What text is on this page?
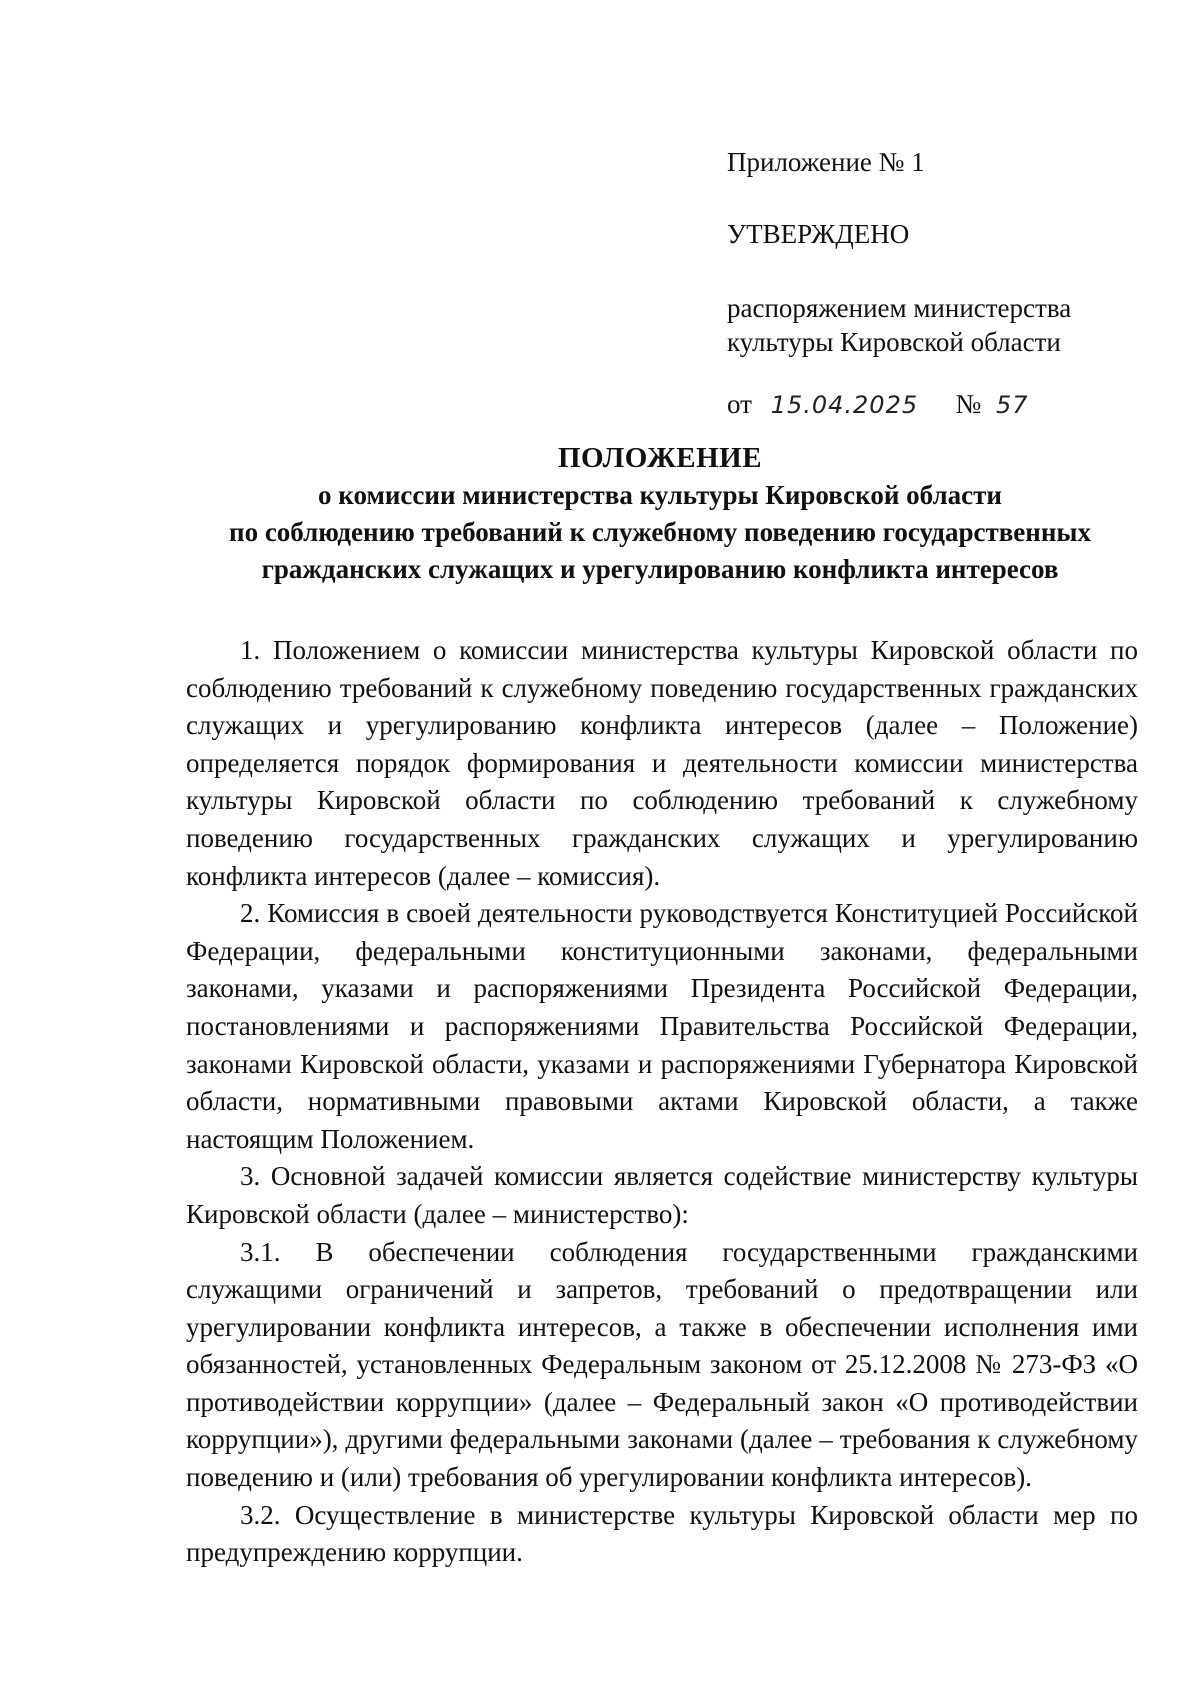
Приложение № 1
УТВЕРЖДЕНО
распоряжением министерства
культуры Кировской области
от 15.04.2025 № 57
ПОЛОЖЕНИЕ
о комиссии министерства культуры Кировской области
по соблюдению требований к служебному поведению государственных
гражданских служащих и урегулированию конфликта интересов

1. Положением о комиссии министерства культуры Кировской области по соблюдению требований к служебному поведению государственных гражданских служащих и урегулированию конфликта интересов (далее – Положение) определяется порядок формирования и деятельности комиссии министерства культуры Кировской области по соблюдению требований к служебному поведению государственных гражданских служащих и урегулированию конфликта интересов (далее – комиссия).

2. Комиссия в своей деятельности руководствуется Конституцией Российской Федерации, федеральными конституционными законами, федеральными законами, указами и распоряжениями Президента Российской Федерации, постановлениями и распоряжениями Правительства Российской Федерации, законами Кировской области, указами и распоряжениями Губернатора Кировской области, нормативными правовыми актами Кировской области, а также настоящим Положением.

3. Основной задачей комиссии является содействие министерству культуры Кировской области (далее – министерство):

3.1. В обеспечении соблюдения государственными гражданскими служащими ограничений и запретов, требований о предотвращении или урегулировании конфликта интересов, а также в обеспечении исполнения ими обязанностей, установленных Федеральным законом от 25.12.2008 № 273-ФЗ «О противодействии коррупции» (далее – Федеральный закон «О противодействии коррупции»), другими федеральными законами (далее – требования к служебному поведению и (или) требования об урегулировании конфликта интересов).

3.2. Осуществление в министерстве культуры Кировской области мер по предупреждению коррупции.
